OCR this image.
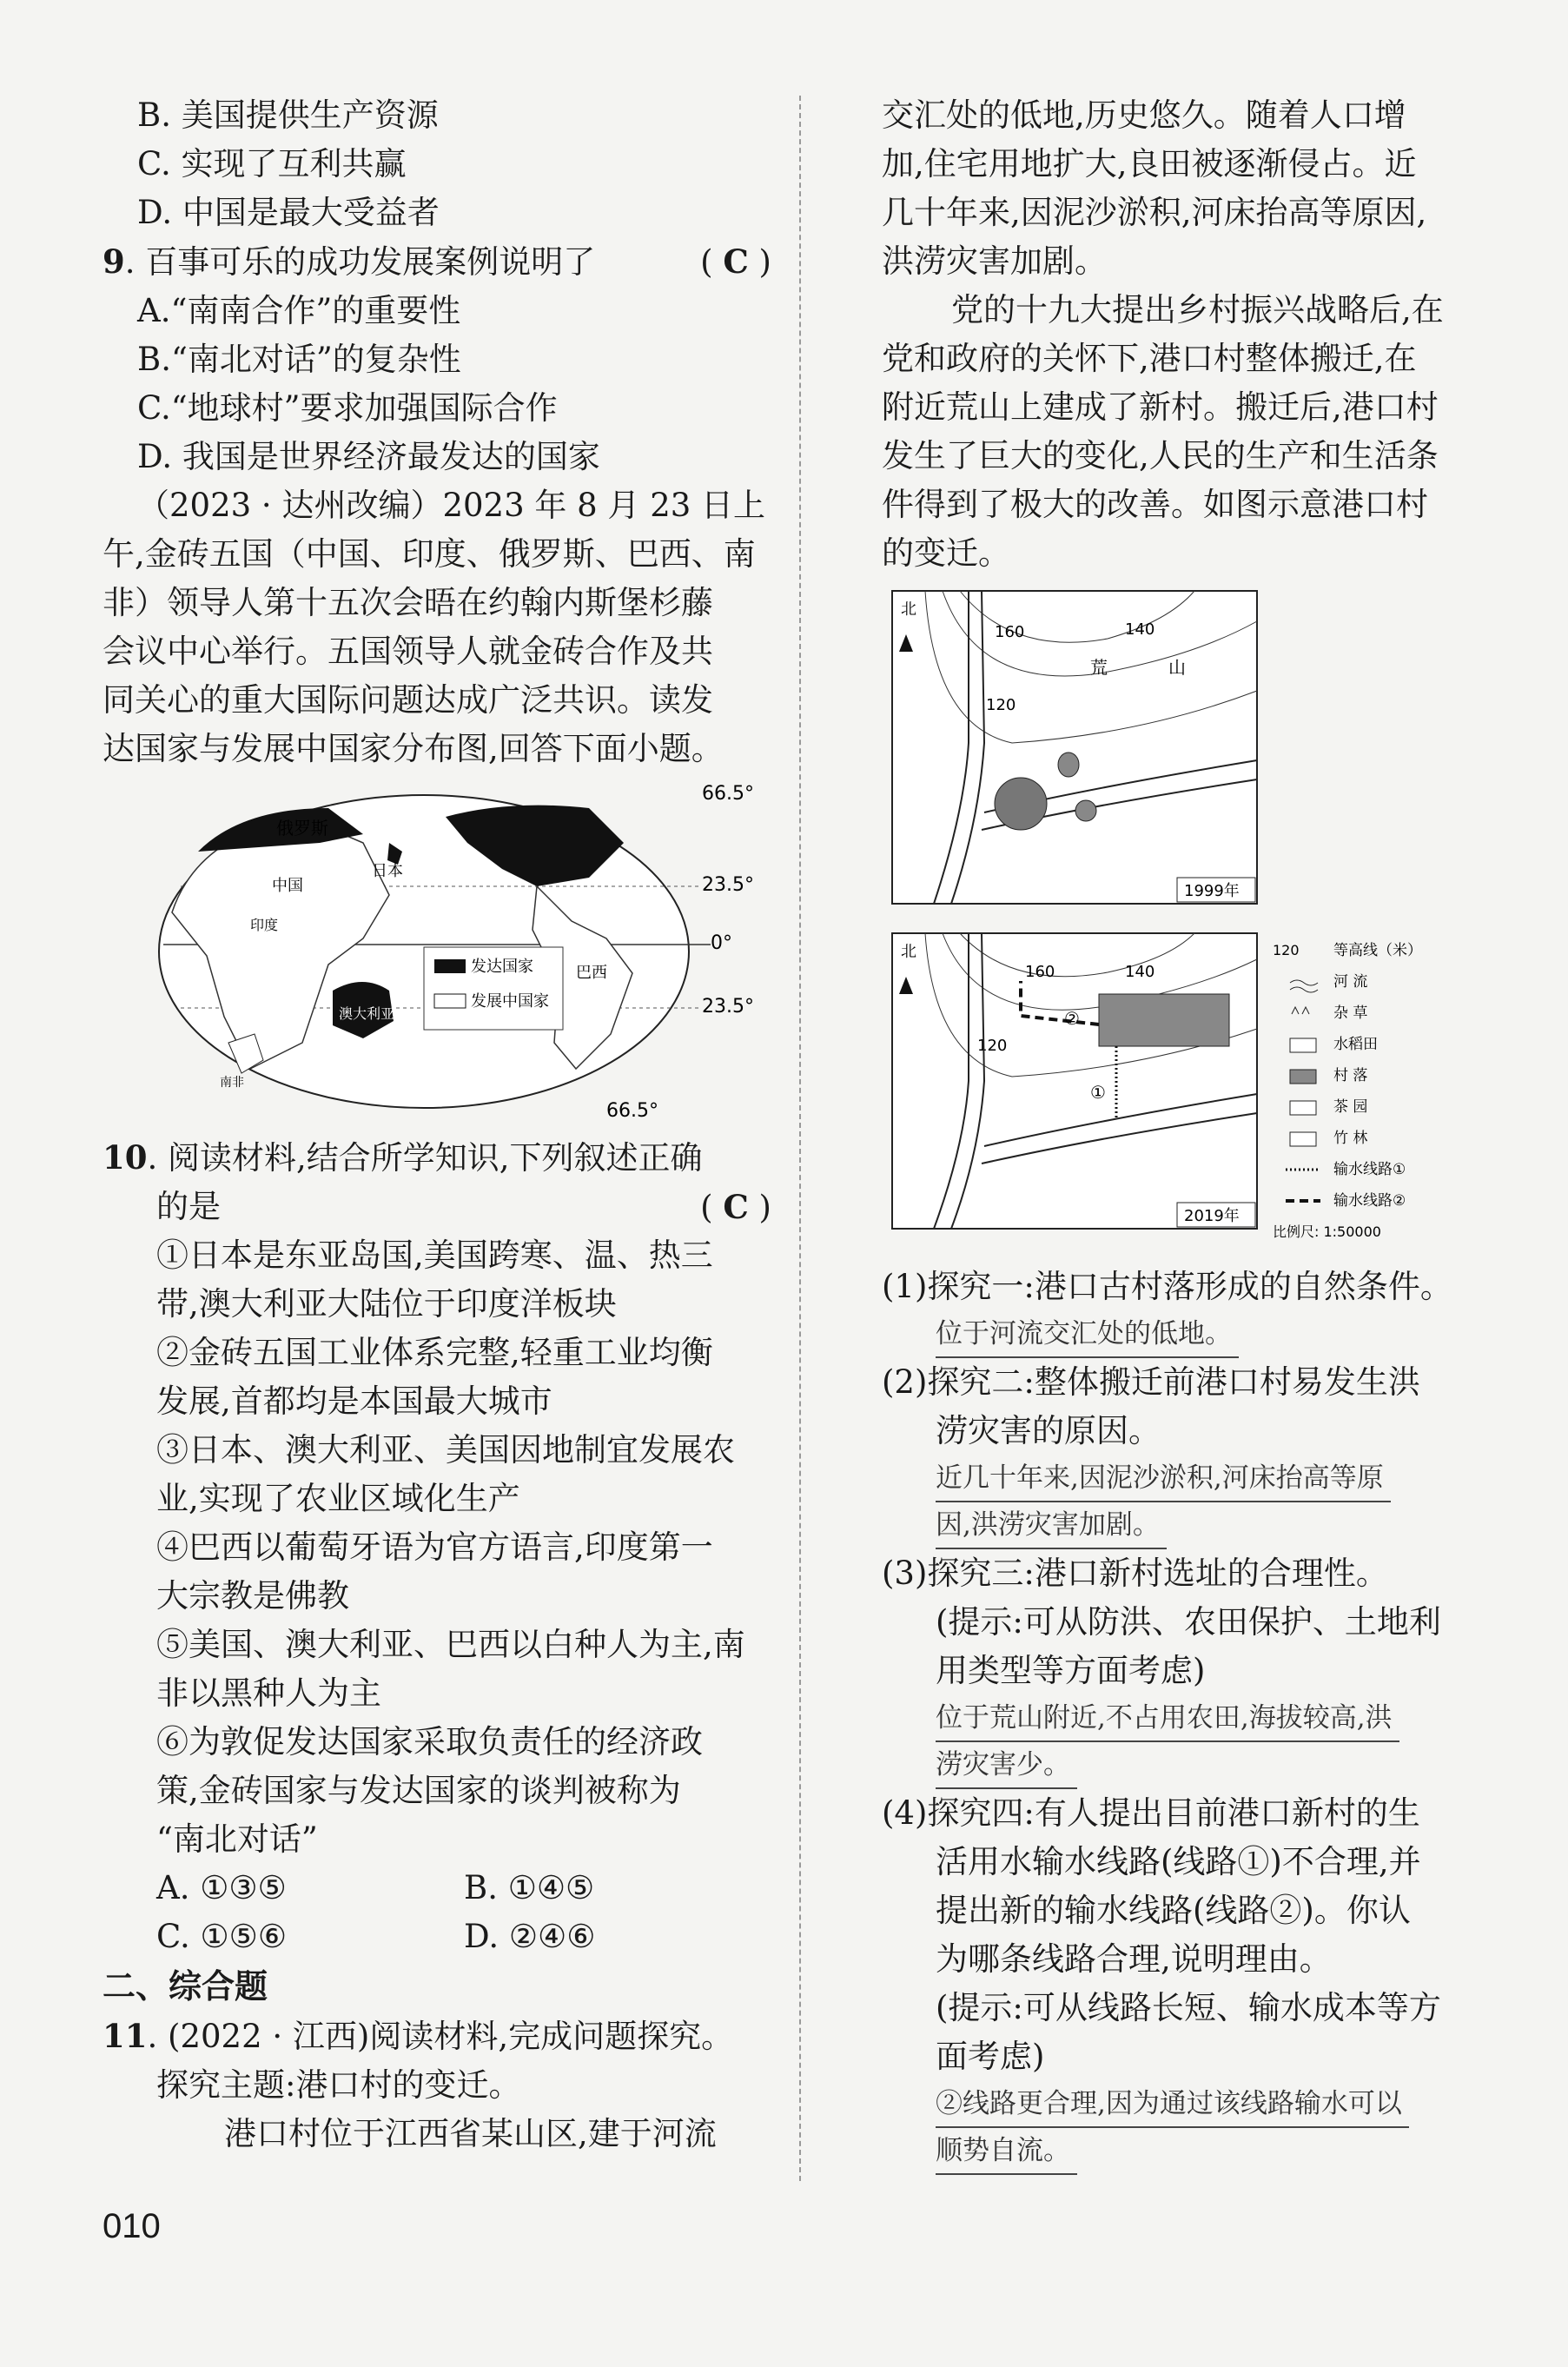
B. 美国提供生产资源
C. 实现了互利共赢
D. 中国是最大受益者
9. 百事可乐的成功发展案例说明了	( C )
A.“南南合作”的重要性
B.“南北对话”的复杂性
C.“地球村”要求加强国际合作
D. 我国是世界经济最发达的国家
（2023 · 达州改编）2023 年 8 月 23 日上
午,金砖五国（中国、印度、俄罗斯、巴西、南
非）领导人第十五次会晤在约翰内斯堡杉藤
会议中心举行。五国领导人就金砖合作及共
同关心的重大国际问题达成广泛共识。读发
达国家与发展中国家分布图,回答下面小题。
发达国家
发展中国家
66.5°
23.5°
0°
23.5°
66.5°
俄罗斯
日本	美国
中国
印度
巴西
澳大利亚
南非
10. 阅读材料,结合所学知识,下列叙述正确
的是	( C )
①日本是东亚岛国,美国跨寒、温、热三
带,澳大利亚大陆位于印度洋板块
②金砖五国工业体系完整,轻重工业均衡
发展,首都均是本国最大城市
③日本、澳大利亚、美国因地制宜发展农
业,实现了农业区域化生产
④巴西以葡萄牙语为官方语言,印度第一
大宗教是佛教
⑤美国、澳大利亚、巴西以白种人为主,南
非以黑种人为主
⑥为敦促发达国家采取负责任的经济政
策,金砖国家与发达国家的谈判被称为
“南北对话”
A. ①③⑤	B. ①④⑤
C. ①⑤⑥	D. ②④⑥
二、综合题
11. (2022 · 江西)阅读材料,完成问题探究。
探究主题:港口村的变迁。
港口村位于江西省某山区,建于河流
交汇处的低地,历史悠久。随着人口增
加,住宅用地扩大,良田被逐渐侵占。近
几十年来,因泥沙淤积,河床抬高等原因,
洪涝灾害加剧。
党的十九大提出乡村振兴战略后,在
党和政府的关怀下,港口村整体搬迁,在
附近荒山上建成了新村。搬迁后,港口村
发生了巨大的变化,人民的生产和生活条
件得到了极大的改善。如图示意港口村
的变迁。
北
160	140
120
荒	山
1999年

北
160	140
120
②
①
2019年
120 等高线（米）
河 流
杂 草
水稻田
村 落
茶 园
竹 林
输水线路①
输水线路②
比例尺: 1:50000
(1)探究一:港口古村落形成的自然条件。
位于河流交汇处的低地。
(2)探究二:整体搬迁前港口村易发生洪
涝灾害的原因。
近几十年来,因泥沙淤积,河床抬高等原
因,洪涝灾害加剧。
(3)探究三:港口新村选址的合理性。
(提示:可从防洪、农田保护、土地利
用类型等方面考虑)
位于荒山附近,不占用农田,海拔较高,洪
涝灾害少。
(4)探究四:有人提出目前港口新村的生
活用水输水线路(线路①)不合理,并
提出新的输水线路(线路②)。你认
为哪条线路合理,说明理由。
(提示:可从线路长短、输水成本等方
面考虑)
②线路更合理,因为通过该线路输水可以
顺势自流。
010
